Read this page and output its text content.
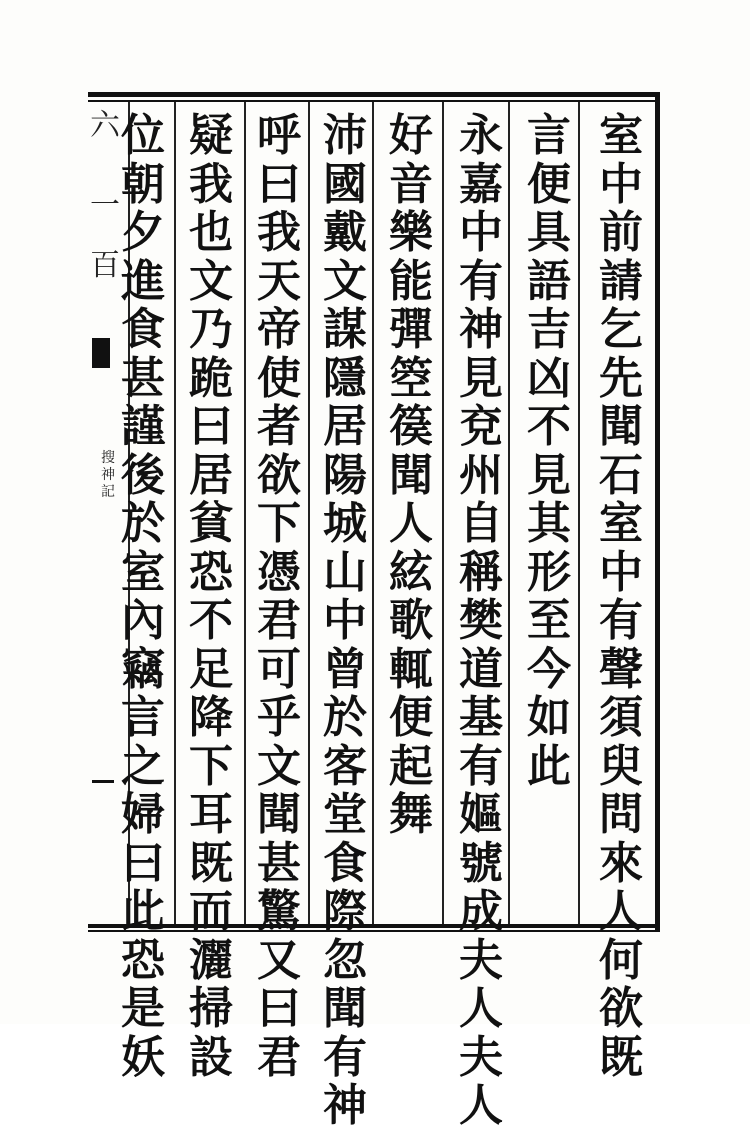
六
一
百
搜
神
記
室
中
前
請
乞
先
聞
石
室
中
有
聲
須
臾
問
來
人
何
欲
既
言
便
具
語
吉
凶
不
見
其
形
至
今
如
此
永
嘉
中
有
神
見
兗
州
自
稱
樊
道
基
有
嫗
號
成
夫
人
夫
人
好
音
樂
能
彈
箜
篌
聞
人
絃
歌
輒
便
起
舞
沛
國
戴
文
謀
隱
居
陽
城
山
中
曾
於
客
堂
食
際
忽
聞
有
神
呼
曰
我
天
帝
使
者
欲
下
憑
君
可
乎
文
聞
甚
驚
又
曰
君
疑
我
也
文
乃
跪
曰
居
貧
恐
不
足
降
下
耳
既
而
灑
掃
設
位
朝
夕
進
食
甚
謹
後
於
室
內
竊
言
之
婦
曰
此
恐
是
妖
